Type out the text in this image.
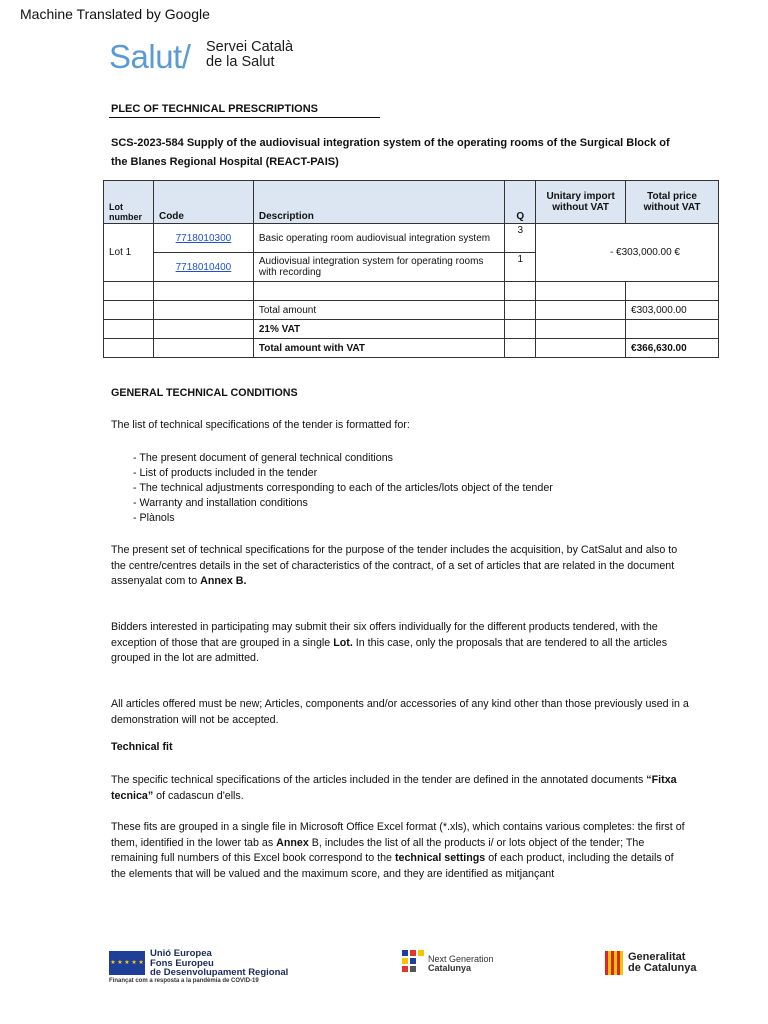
Machine Translated by Google
Salut/ Servei Català
de la Salut
PLEC OF TECHNICAL PRESCRIPTIONS
SCS-2023-584 Supply of the audiovisual integration system of the operating rooms of the Surgical Block of the Blanes Regional Hospital (REACT-PAIS)
Lot number	Code	Description	Q	Unitary import without VAT	Total price without VAT
Lot 1	7718010300	Basic operating room audiovisual integration system	3	- €303,000.00 €	
	7718010400	Audiovisual integration system for operating rooms with recording	1		

		Total amount			€303,000.00
		21% VAT			
		Total amount with VAT			€366,630.00

GENERAL TECHNICAL CONDITIONS

The list of technical specifications of the tender is formatted for:

- The present document of general technical conditions
- List of products included in the tender
- The technical adjustments corresponding to each of the articles/lots object of the tender
- Warranty and installation conditions
- Plànols

The present set of technical specifications for the purpose of the tender includes the acquisition, by CatSalut and also to the centre/centres details in the set of characteristics of the contract, of a set of articles that are related in the document assenyalat com to Annex B.

Bidders interested in participating may submit their six offers individually for the different products tendered, with the exception of those that are grouped in a single Lot. In this case, only the proposals that are tendered to all the articles grouped in the lot are admitted.

All articles offered must be new; Articles, components and/or accessories of any kind other than those previously used in a demonstration will not be accepted.

Technical fit

The specific technical specifications of the articles included in the tender are defined in the annotated documents “Fitxa tecnica” of cadascun d'ells.

These fits are grouped in a single file in Microsoft Office Excel format (*.xls), which contains various completes: the first of them, identified in the lower tab as Annex B, includes the list of all the products i/ or lots object of the tender; The remaining full numbers of this Excel book correspond to the technical settings of each product, including the details of the elements that will be valued and the maximum score, and they are identified as mitjançant

★ ★ ★ ★ ★
Unió Europea
Fons Europeu
de Desenvolupament Regional
Finançat com a resposta a la pandèmia de COVID-19
Next Generation
Catalunya
Generalitat
de Catalunya
